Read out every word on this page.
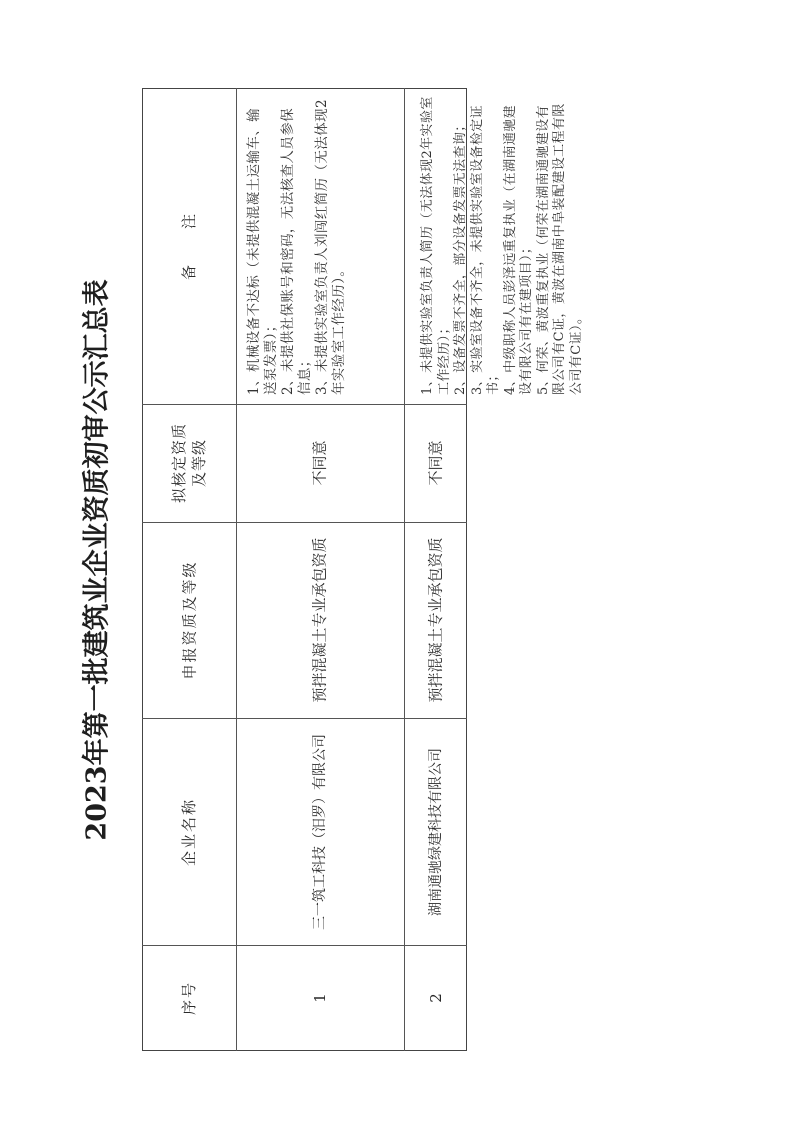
2023年第一批建筑业企业资质初审公示汇总表
备　　注
拟核定资质及等级
申报资质及等级
企业名称
序号

1、机械设备不达标（未提供混凝土运输车、输送泵发票）； 2、未提供社保账号和密码，无法核查人员参保信息； 3、未提供实验室负责人刘闯红简历（无法体现2年实验室工作经历）。

不同意
预拌混凝土专业承包资质
三一筑工科技（汨罗）有限公司
1

1、未提供实验室负责人简历（无法体现2年实验室工作经历）； 2、设备发票不齐全，部分设备发票无法查询； 3、实验室设备不齐全，未提供实验室设备检定证书； 4、中级职称人员彭泽远重复执业（在湖南通驰建设有限公司有在建项目）； 5、何荣、黄波重复执业（何荣在湖南通驰建设有限公司有C证，黄波在湖南中阜装配建设工程有限公司有C证）。

不同意
预拌混凝土专业承包资质
湖南通驰绿建科技有限公司
2
